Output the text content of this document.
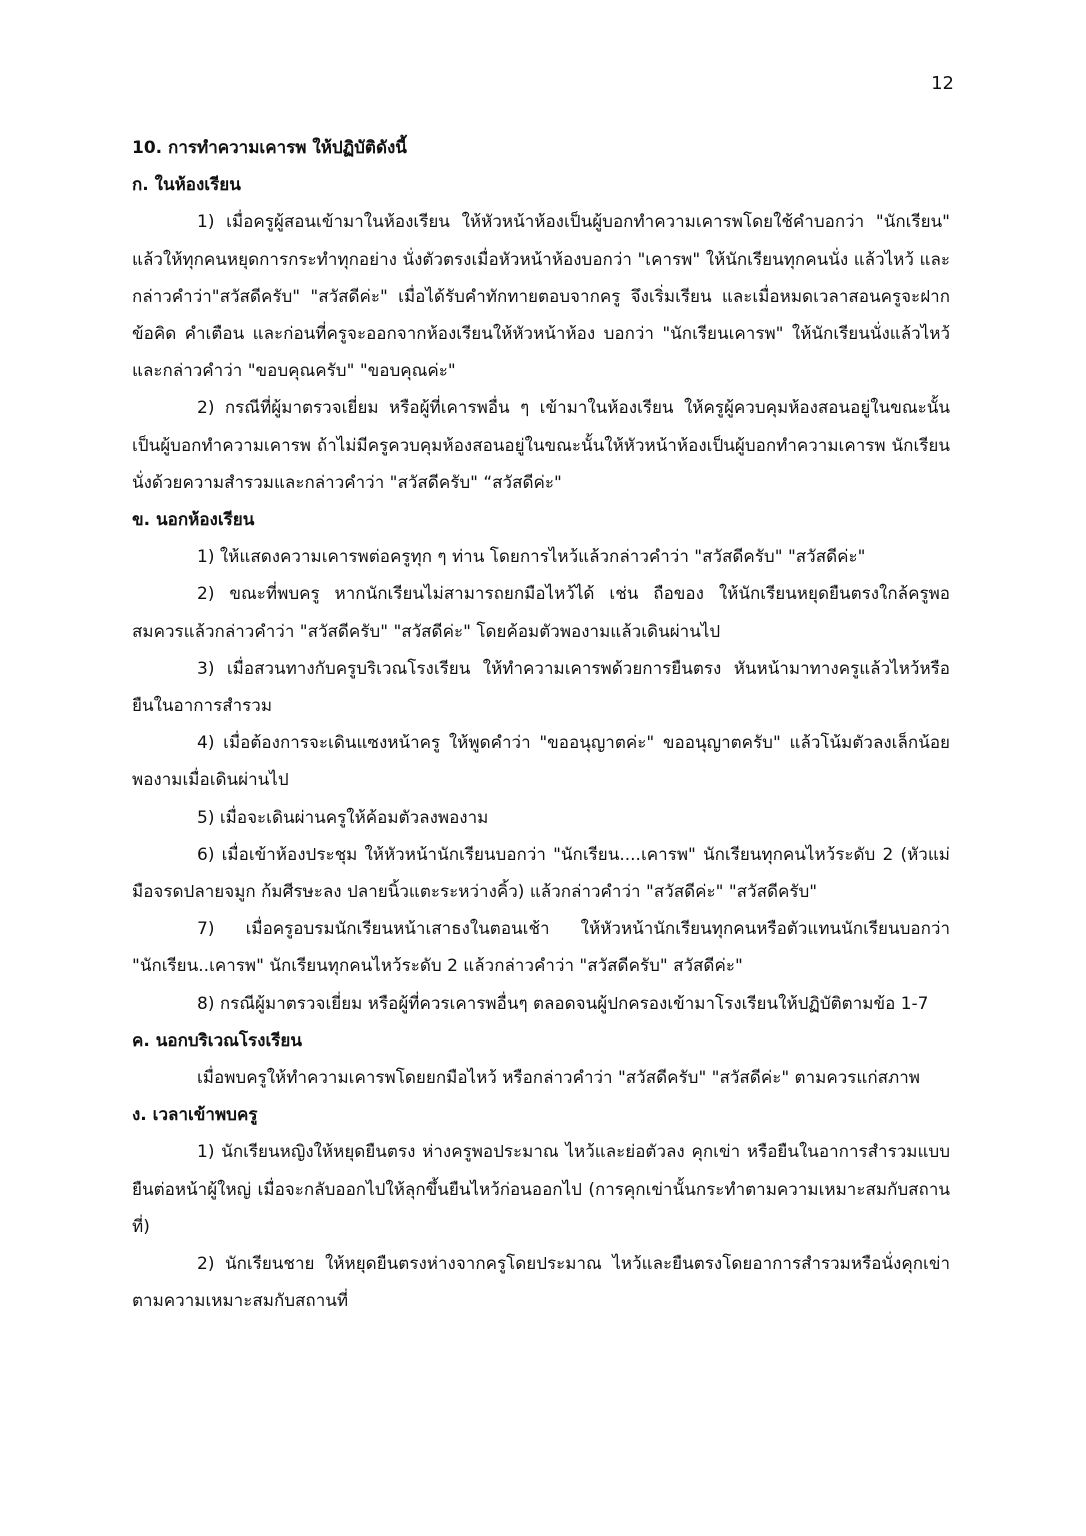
12

10. การทำความเคารพ ให้ปฏิบัติดังนี้

ก. ในห้องเรียน

1) เมื่อครูผู้สอนเข้ามาในห้องเรียน ให้หัวหน้าห้องเป็นผู้บอกทำความเคารพโดยใช้คำบอกว่า "นักเรียน" แล้วให้ทุกคนหยุดการกระทำทุกอย่าง นั่งตัวตรงเมื่อหัวหน้าห้องบอกว่า "เคารพ" ให้นักเรียนทุกคนนั่ง แล้วไหว้ และกล่าวคำว่า"สวัสดีครับ" "สวัสดีค่ะ" เมื่อได้รับคำทักทายตอบจากครู จึงเริ่มเรียน และเมื่อหมดเวลาสอนครูจะฝากข้อคิด คำเตือน และก่อนที่ครูจะออกจากห้องเรียนให้หัวหน้าห้อง บอกว่า "นักเรียนเคารพ" ให้นักเรียนนั่งแล้วไหว้ และกล่าวคำว่า "ขอบคุณครับ" "ขอบคุณค่ะ"

2) กรณีที่ผู้มาตรวจเยี่ยม หรือผู้ที่เคารพอื่น ๆ เข้ามาในห้องเรียน ให้ครูผู้ควบคุมห้องสอนอยู่ในขณะนั้น เป็นผู้บอกทำความเคารพ ถ้าไม่มีครูควบคุมห้องสอนอยู่ในขณะนั้นให้หัวหน้าห้องเป็นผู้บอกทำความเคารพ นักเรียนนั่งด้วยความสำรวมและกล่าวคำว่า "สวัสดีครับ" “สวัสดีค่ะ"

ข. นอกห้องเรียน

1) ให้แสดงความเคารพต่อครูทุก ๆ ท่าน โดยการไหว้แล้วกล่าวคำว่า "สวัสดีครับ" "สวัสดีค่ะ"

2) ขณะที่พบครู หากนักเรียนไม่สามารถยกมือไหว้ได้ เช่น ถือของ ให้นักเรียนหยุดยืนตรงใกล้ครูพอสมควรแล้วกล่าวคำว่า "สวัสดีครับ" "สวัสดีค่ะ" โดยค้อมตัวพองามแล้วเดินผ่านไป

3) เมื่อสวนทางกับครูบริเวณโรงเรียน ให้ทำความเคารพด้วยการยืนตรง หันหน้ามาทางครูแล้วไหว้หรือยืนในอาการสำรวม

4) เมื่อต้องการจะเดินแซงหน้าครู ให้พูดคำว่า "ขออนุญาตค่ะ" ขออนุญาตครับ" แล้วโน้มตัวลงเล็กน้อยพองามเมื่อเดินผ่านไป

5) เมื่อจะเดินผ่านครูให้ค้อมตัวลงพองาม

6) เมื่อเข้าห้องประชุม ให้หัวหน้านักเรียนบอกว่า "นักเรียน....เคารพ" นักเรียนทุกคนไหว้ระดับ 2 (หัวแม่มือจรดปลายจมูก ก้มศีรษะลง ปลายนิ้วแตะระหว่างคิ้ว) แล้วกล่าวคำว่า "สวัสดีค่ะ" "สวัสดีครับ"

7) เมื่อครูอบรมนักเรียนหน้าเสาธงในตอนเช้า ให้หัวหน้านักเรียนทุกคนหรือตัวแทนนักเรียนบอกว่า "นักเรียน..เคารพ" นักเรียนทุกคนไหว้ระดับ 2 แล้วกล่าวคำว่า "สวัสดีครับ" สวัสดีค่ะ"

8) กรณีผู้มาตรวจเยี่ยม หรือผู้ที่ควรเคารพอื่นๆ ตลอดจนผู้ปกครองเข้ามาโรงเรียนให้ปฏิบัติตามข้อ 1-7

ค. นอกบริเวณโรงเรียน

เมื่อพบครูให้ทำความเคารพโดยยกมือไหว้ หรือกล่าวคำว่า "สวัสดีครับ" "สวัสดีค่ะ" ตามควรแก่สภาพ

ง. เวลาเข้าพบครู

1) นักเรียนหญิงให้หยุดยืนตรง ห่างครูพอประมาณ ไหว้และย่อตัวลง คุกเข่า หรือยืนในอาการสำรวมแบบยืนต่อหน้าผู้ใหญ่ เมื่อจะกลับออกไปให้ลุกขึ้นยืนไหว้ก่อนออกไป (การคุกเข่านั้นกระทำตามความเหมาะสมกับสถานที่)

2) นักเรียนชาย ให้หยุดยืนตรงห่างจากครูโดยประมาณ ไหว้และยืนตรงโดยอาการสำรวมหรือนั่งคุกเข่าตามความเหมาะสมกับสถานที่
